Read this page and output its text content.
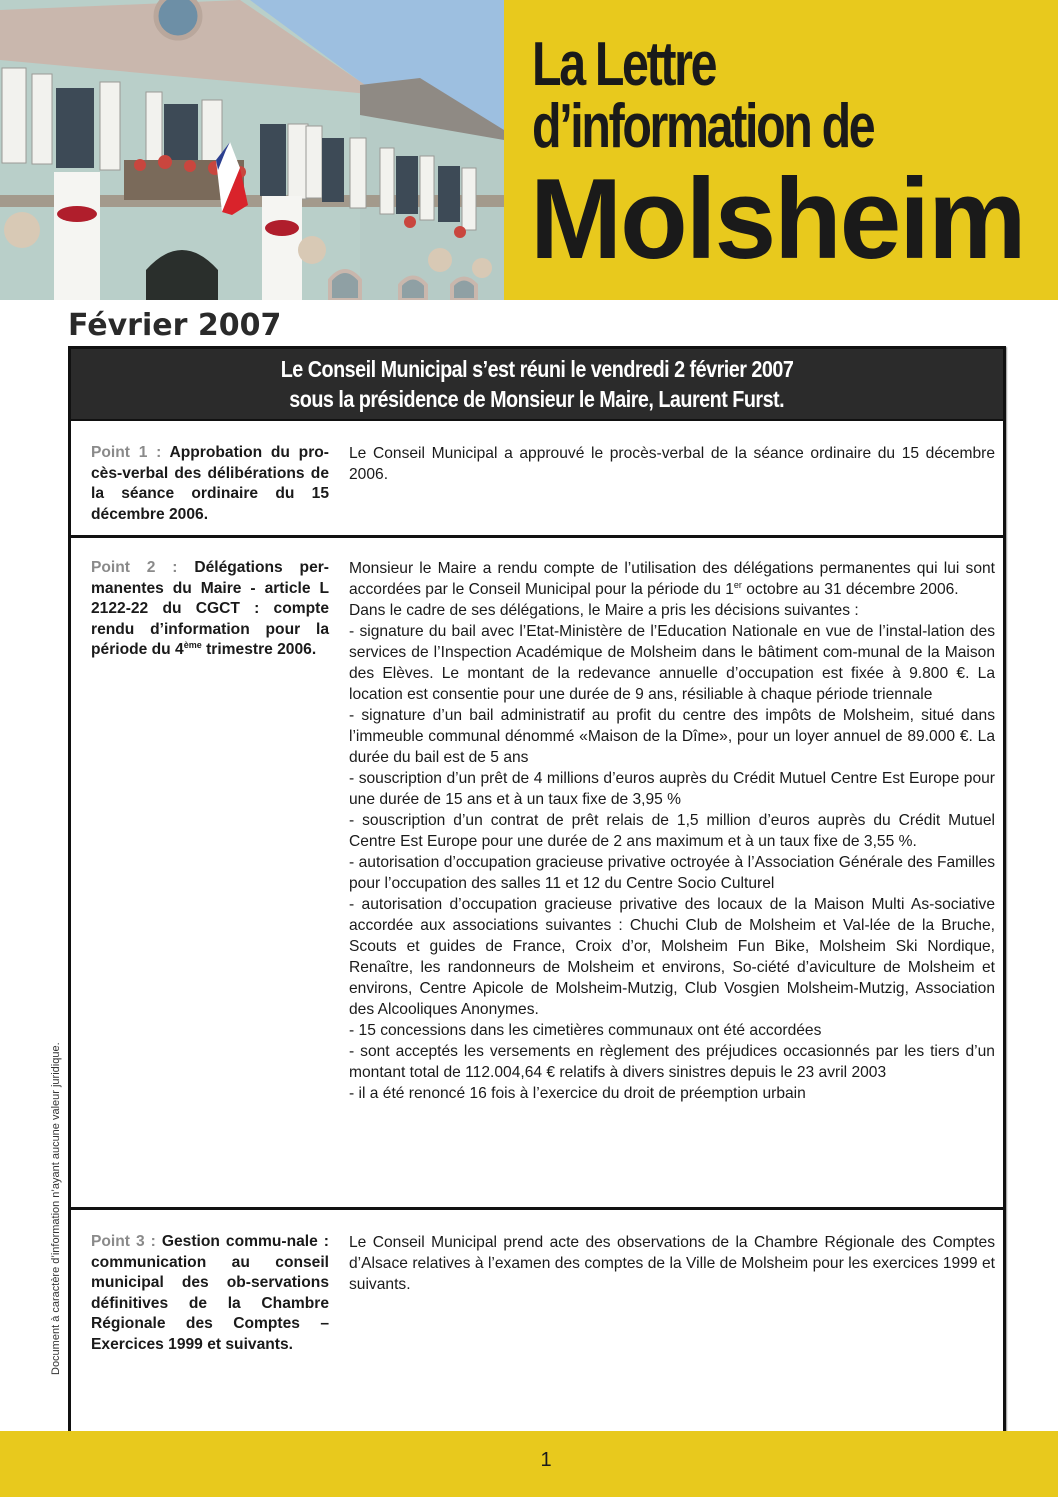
La Lettre
d’information de
Molsheim
Février 2007
Le Conseil Municipal s’est réuni le vendredi 2 février 2007
sous la présidence de Monsieur le Maire, Laurent Furst.
Point 1 : Approbation du pro-cès-verbal des délibérations de la séance ordinaire du 15 décembre 2006.

Le Conseil Municipal a approuvé le procès-verbal de la séance ordinaire du 15 décembre 2006.

Point 2 : Délégations per-manentes du Maire - article L 2122-22 du CGCT : compte rendu d’information pour la période du 4ème trimestre 2006.

Monsieur le Maire a rendu compte de l’utilisation des délégations permanentes qui lui sont accordées par le Conseil Municipal pour la période du 1er octobre au 31 décembre 2006.

Dans le cadre de ses délégations, le Maire a pris les décisions suivantes :

- signature du bail avec l’Etat-Ministère de l’Education Nationale en vue de l’instal-lation des services de l’Inspection Académique de Molsheim dans le bâtiment com-munal de la Maison des Elèves. Le montant de la redevance annuelle d’occupation est fixée à 9.800 €. La location est consentie pour une durée de 9 ans, résiliable à chaque période triennale

- signature d’un bail administratif au profit du centre des impôts de Molsheim, situé dans l’immeuble communal dénommé «Maison de la Dîme», pour un loyer annuel de 89.000 €. La durée du bail est de 5 ans

- souscription d’un prêt de 4 millions d’euros auprès du Crédit Mutuel Centre Est Europe pour une durée de 15 ans et à un taux fixe de 3,95 %

- souscription d’un contrat de prêt relais de 1,5 million d’euros auprès du Crédit Mutuel Centre Est Europe pour une durée de 2 ans maximum et à un taux fixe de 3,55 %.

- autorisation d’occupation gracieuse privative octroyée à l’Association Générale des Familles pour l’occupation des salles 11 et 12 du Centre Socio Culturel

- autorisation d’occupation gracieuse privative des locaux de la Maison Multi As-sociative accordée aux associations suivantes : Chuchi Club de Molsheim et Val-lée de la Bruche, Scouts et guides de France, Croix d’or, Molsheim Fun Bike, Molsheim Ski Nordique, Renaître, les randonneurs de Molsheim et environs, So-ciété d’aviculture de Molsheim et environs, Centre Apicole de Molsheim-Mutzig, Club Vosgien Molsheim-Mutzig, Association des Alcooliques Anonymes.

- 15 concessions dans les cimetières communaux ont été accordées

- sont acceptés les versements en règlement des préjudices occasionnés par les tiers d’un montant total de 112.004,64 € relatifs à divers sinistres depuis le 23 avril 2003

- il a été renoncé 16 fois à l’exercice du droit de préemption urbain

Point 3 : Gestion commu-nale : communication au conseil municipal des ob-servations définitives de la Chambre Régionale des Comptes – Exercices 1999 et suivants.

Le Conseil Municipal prend acte des observations de la Chambre Régionale des Comptes d’Alsace relatives à l’examen des comptes de la Ville de Molsheim pour les exercices 1999 et suivants.

Document à caractère d’information n’ayant aucune valeur juridique.
1
